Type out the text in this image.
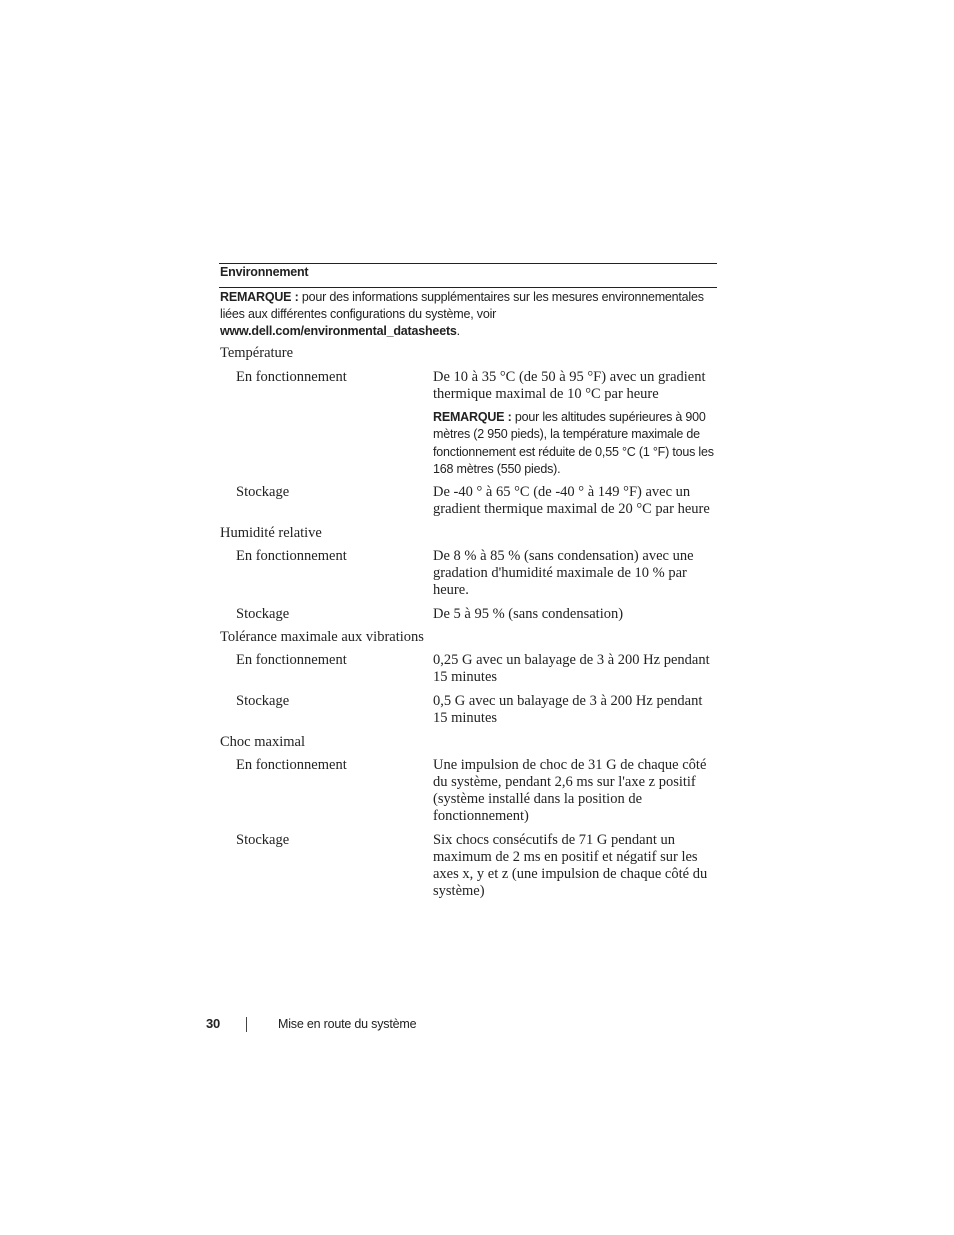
Environnement
REMARQUE : pour des informations supplémentaires sur les mesures environnementales liées aux différentes configurations du système, voir www.dell.com/environmental_datasheets.
Température
En fonctionnement	De 10 à 35 °C (de 50 à 95 °F) avec un gradient thermique maximal de 10 °C par heure
REMARQUE : pour les altitudes supérieures à 900 mètres (2 950 pieds), la température maximale de fonctionnement est réduite de 0,55 °C (1 °F) tous les 168 mètres (550 pieds).
Stockage	De -40 ° à 65 °C (de -40 ° à 149 °F) avec un gradient thermique maximal de 20 °C par heure
Humidité relative
En fonctionnement	De 8 % à 85 % (sans condensation) avec une gradation d'humidité maximale de 10 % par heure.
Stockage	De 5 à 95 % (sans condensation)
Tolérance maximale aux vibrations
En fonctionnement	0,25 G avec un balayage de 3 à 200 Hz pendant 15 minutes
Stockage	0,5 G avec un balayage de 3 à 200 Hz pendant 15 minutes
Choc maximal
En fonctionnement	Une impulsion de choc de 31 G de chaque côté du système, pendant 2,6 ms sur l'axe z positif (système installé dans la position de fonctionnement)
Stockage	Six chocs consécutifs de 71 G pendant un maximum de 2 ms en positif et négatif sur les axes x, y et z (une impulsion de chaque côté du système)
30	Mise en route du système
